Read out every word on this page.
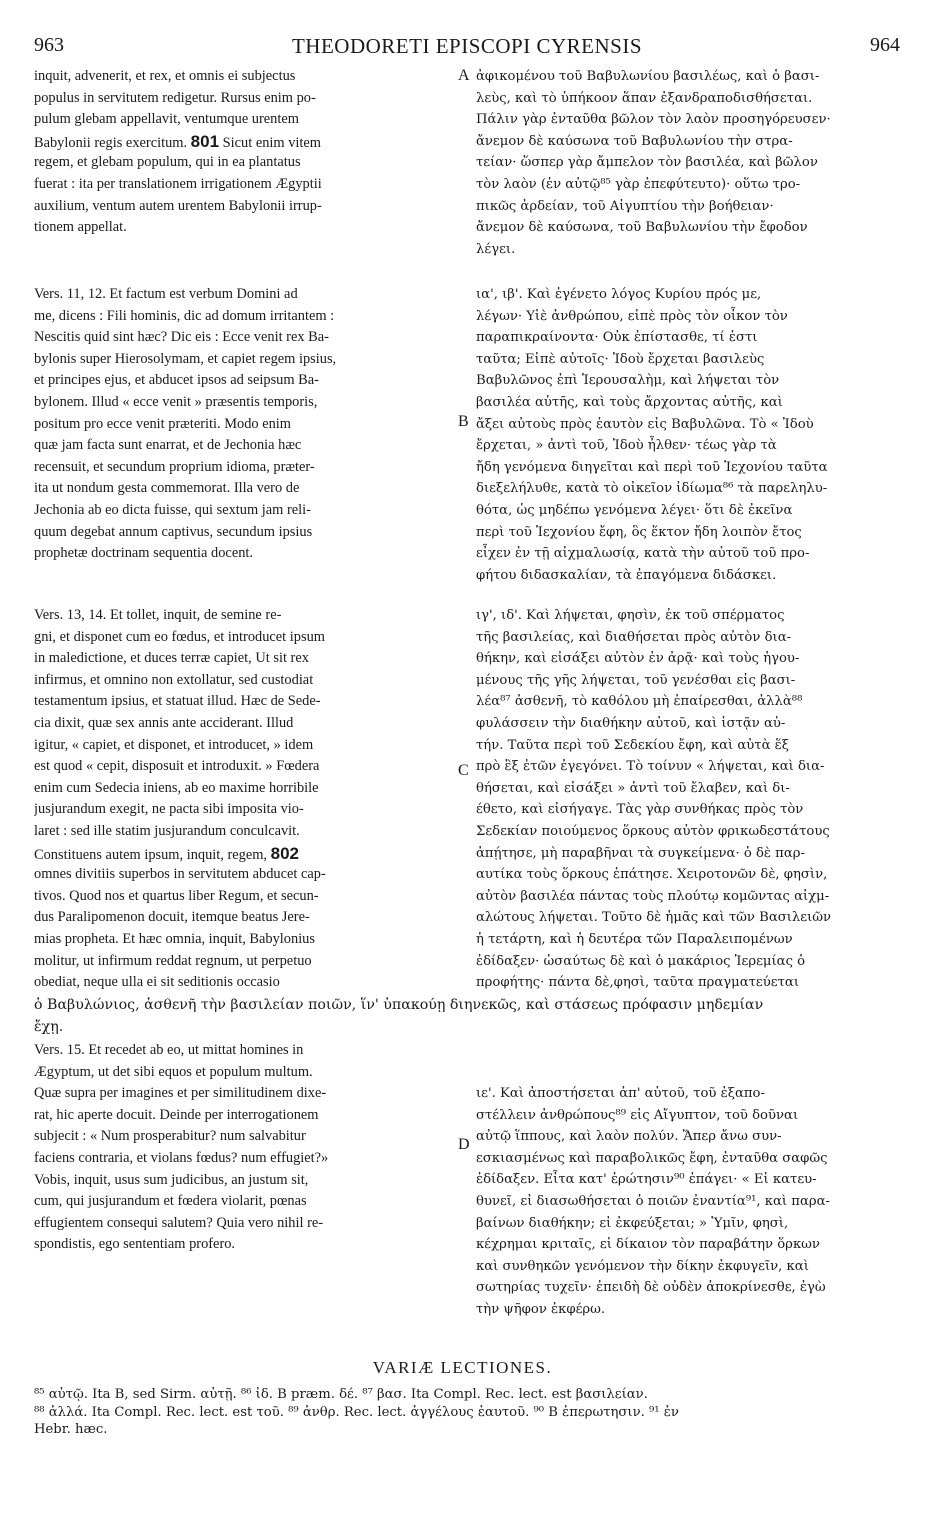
963	THEODORETI EPISCOPI CYRENSIS	964
inquit, advenerit, et rex, et omnis ei subjectus
populus in servitutem redigetur. Rursus enim po-
pulum glebam appellavit, ventumque urentem
Babylonii regis exercitum. 801 Sicut enim vitem
regem, et glebam populum, qui in ea plantatus
fuerat : ita per translationem irrigationem Ægyptii
auxilium, ventum autem urentem Babylonii irrup-
tionem appellat.
Vers. 11, 12. Et factum est verbum Domini ad
me, dicens : Fili hominis, dic ad domum irritantem :
Nescitis quid sint hæc? Dic eis : Ecce venit rex Ba-
bylonis super Hierosolymam, et capiet regem ipsius,
et principes ejus, et abducet ipsos ad seipsum Ba-
bylonem. Illud « ecce venit » præsentis temporis,
positum pro ecce venit præteriti. Modo enim
quæ jam facta sunt enarrat, et de Jechonia hæc
recensuit, et secundum proprium idioma, præter-
ita ut nondum gesta commemorat. Illa vero de
Jechonia ab eo dicta fuisse, qui sextum jam reli-
quum degebat annum captivus, secundum ipsius
prophetæ doctrinam sequentia docent.
Vers. 13, 14. Et tollet, inquit, de semine re-
gni, et disponet cum eo fœdus, et introducet ipsum
in maledictione, et duces terræ capiet, Ut sit rex
infirmus, et omnino non extollatur, sed custodiat
testamentum ipsius, et statuat illud. Hæc de Sede-
cia dixit, quæ sex annis ante acciderant. Illud
igitur, « capiet, et disponet, et introducet, » idem
est quod « cepit, disposuit et introduxit. » Fœdera
enim cum Sedecia iniens, ab eo maxime horribile
jusjurandum exegit, ne pacta sibi imposita vio-
laret : sed ille statim jusjurandum conculcavit.
Constituens autem ipsum, inquit, regem, 802
omnes divitiis superbos in servitutem abducet cap-
tivos. Quod nos et quartus liber Regum, et secun-
dus Paralipomenon docuit, itemque beatus Jere-
mias propheta. Et hæc omnia, inquit, Babylonius
molitur, ut infirmum reddat regnum, ut perpetuo
obediat, neque ulla ei sit seditionis occasio
ἀφικομένου τοῦ Βαβυλωνίου βασιλέως, καὶ ὁ βασι-
λεὺς, καὶ τὸ ὑπήκοον ἅπαν ἐξανδραποδισθήσεται.
Πάλιν γὰρ ἐνταῦθα βῶλον τὸν λαὸν προσηγόρευσεν·
ἄνεμον δὲ καύσωνα τοῦ Βαβυλωνίου τὴν στρα-
τείαν· ὥσπερ γὰρ ἄμπελον τὸν βασιλέα, καὶ βῶλον
τὸν λαὸν (ἐν αὐτῷ⁸⁵ γὰρ ἐπεφύτευτο)· οὕτω τρο-
πικῶς ἀρδείαν, τοῦ Αἰγυπτίου τὴν βοήθειαν·
ἄνεμον δὲ καύσωνα, τοῦ Βαβυλωνίου τὴν ἔφοδον
λέγει.
ια', ιβ'. Καὶ ἐγένετο λόγος Κυρίου πρός με,
λέγων· Υἱὲ ἀνθρώπου, εἰπὲ πρὸς τὸν οἶκον τὸν
παραπικραίνοντα· Οὐκ ἐπίστασθε, τί ἐστι
ταῦτα; Εἰπὲ αὐτοῖς· Ἰδοὺ ἔρχεται βασιλεὺς
Βαβυλῶνος ἐπὶ Ἱερουσαλὴμ, καὶ λήψεται τὸν
βασιλέα αὐτῆς, καὶ τοὺς ἄρχοντας αὐτῆς, καὶ
ἄξει αὐτοὺς πρὸς ἑαυτὸν εἰς Βαβυλῶνα. Τὸ « Ἰδοὺ
ἔρχεται, » ἀντὶ τοῦ, Ἰδοὺ ἦλθεν· τέως γὰρ τὰ
ἤδη γενόμενα διηγεῖται καὶ περὶ τοῦ Ἰεχονίου ταῦτα
διεξελήλυθε, κατὰ τὸ οἰκεῖον ἰδίωμα⁸⁶ τὰ παρεληλυ-
θότα, ὡς μηδέπω γενόμενα λέγει· ὅτι δὲ ἐκεῖνα
περὶ τοῦ Ἰεχονίου ἔφη, ὃς ἕκτον ἤδη λοιπὸν ἔτος
εἶχεν ἐν τῇ αἰχμαλωσίᾳ, κατὰ τὴν αὐτοῦ τοῦ προ-
φήτου διδασκαλίαν, τὰ ἐπαγόμενα διδάσκει.
ιγ', ιδ'. Καὶ λήψεται, φησὶν, ἐκ τοῦ σπέρματος
τῆς βασιλείας, καὶ διαθήσεται πρὸς αὐτὸν δια-
θήκην, καὶ εἰσάξει αὐτὸν ἐν ἀρᾷ· καὶ τοὺς ἡγου-
μένους τῆς γῆς λήψεται, τοῦ γενέσθαι εἰς βασι-
λέα⁸⁷ ἀσθενῆ, τὸ καθόλου μὴ ἐπαίρεσθαι, ἀλλὰ⁸⁸
φυλάσσειν τὴν διαθήκην αὐτοῦ, καὶ ἱστᾷν αὐ-
τήν. Ταῦτα περὶ τοῦ Σεδεκίου ἔφη, καὶ αὐτὰ ἕξ
πρὸ ἓξ ἐτῶν ἐγεγόνει. Τὸ τοίνυν « λήψεται, καὶ δια-
θήσεται, καὶ εἰσάξει » ἀντὶ τοῦ ἔλαβεν, καὶ δι-
έθετο, καὶ εἰσήγαγε. Τὰς γὰρ συνθήκας πρὸς τὸν
Σεδεκίαν ποιούμενος ὅρκους αὐτὸν φρικωδεστάτους
ἀπῄτησε, μὴ παραβῆναι τὰ συγκείμενα· ὁ δὲ παρ-
αυτίκα τοὺς ὅρκους ἐπάτησε. Χειροτονῶν δὲ, φησὶν,
αὐτὸν βασιλέα πάντας τοὺς πλούτῳ κομῶντας αἰχμ-
αλώτους λήψεται. Τοῦτο δὲ ἡμᾶς καὶ τῶν Βασιλειῶν
ἡ τετάρτη, καὶ ἡ δευτέρα τῶν Παραλειπομένων
ἐδίδαξεν· ὡσαύτως δὲ καὶ ὁ μακάριος Ἱερεμίας ὁ
προφήτης· πάντα δὲ,φησὶ, ταῦτα πραγματεύεται
ὁ Βαβυλώνιος, ἀσθενῆ τὴν βασιλείαν ποιῶν, ἵν' ὑπακούῃ διηνεκῶς, καὶ στάσεως πρόφασιν μηδεμίαν
ἔχῃ.
Vers. 15. Et recedet ab eo, ut mittat homines in
Ægyptum, ut det sibi equos et populum multum.
Quæ supra per imagines et per similitudinem dixe-
rat, hic aperte docuit. Deinde per interrogationem
subjecit : « Num prosperabitur? num salvabitur
faciens contraria, et violans fœdus? num effugiet?»
Vobis, inquit, usus sum judicibus, an justum sit,
cum, qui jusjurandum et fœdera violarit, pœnas
effugientem consequi salutem? Quia vero nihil re-
spondistis, ego sententiam profero.
ιε'. Καὶ ἀποστήσεται ἀπ' αὐτοῦ, τοῦ ἐξαπο-
στέλλειν ἀνθρώπους⁸⁹ εἰς Αἴγυπτον, τοῦ δοῦναι
αὐτῷ ἵππους, καὶ λαὸν πολύν. Ἅπερ ἄνω συν-
εσκιασμένως καὶ παραβολικῶς ἔφη, ἐνταῦθα σαφῶς
ἐδίδαξεν. Εἶτα κατ' ἐρώτησιν⁹⁰ ἐπάγει· « Εἰ κατευ-
θυνεῖ, εἰ διασωθήσεται ὁ ποιῶν ἐναντία⁹¹, καὶ παρα-
βαίνων διαθήκην; εἰ ἐκφεύξεται; » Ὑμῖν, φησὶ,
κέχρημαι κριταῖς, εἰ δίκαιον τὸν παραβάτην ὅρκων
καὶ συνθηκῶν γενόμενον τὴν δίκην ἐκφυγεῖν, καὶ
σωτηρίας τυχεῖν· ἐπειδὴ δὲ οὐδὲν ἀποκρίνεσθε, ἐγὼ
τὴν ψῆφον ἐκφέρω.
A
B
C
D
VARIÆ LECTIONES.
⁸⁵ αὐτῷ. Ita B, sed Sirm. αὐτῇ. ⁸⁶ ἰδ. B præm. δέ. ⁸⁷ βασ. Ita Compl. Rec. lect. est βασιλείαν.
⁸⁸ ἀλλά. Ita Compl. Rec. lect. est τοῦ. ⁸⁹ ἀνθρ. Rec. lect. ἀγγέλους ἑαυτοῦ. ⁹⁰ B ἐπερωτησιν. ⁹¹ ἐν
Hebr. hæc.
